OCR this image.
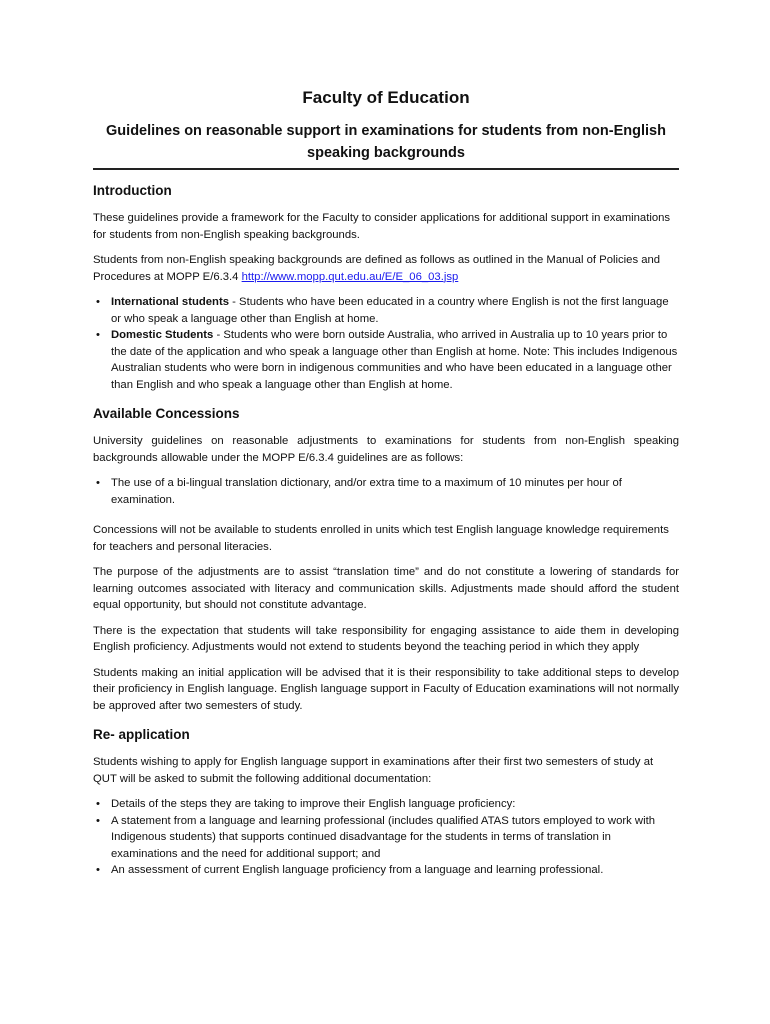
Faculty of Education
Guidelines on reasonable support in examinations for students from non-English speaking backgrounds
Introduction

These guidelines provide a framework for the Faculty to consider applications for additional support in examinations for students from non-English speaking backgrounds.

Students from non-English speaking backgrounds are defined as follows as outlined in the Manual of Policies and Procedures at MOPP E/6.3.4 http://www.mopp.qut.edu.au/E/E_06_03.jsp

• International students - Students who have been educated in a country where English is not the first language or who speak a language other than English at home.
• Domestic Students - Students who were born outside Australia, who arrived in Australia up to 10 years prior to the date of the application and who speak a language other than English at home. Note: This includes Indigenous Australian students who were born in indigenous communities and who have been educated in a language other than English and who speak a language other than English at home.
Available Concessions

University guidelines on reasonable adjustments to examinations for students from non-English speaking backgrounds allowable under the MOPP E/6.3.4 guidelines are as follows:

• The use of a bi-lingual translation dictionary, and/or extra time to a maximum of 10 minutes per hour of examination.

Concessions will not be available to students enrolled in units which test English language knowledge requirements for teachers and personal literacies.

The purpose of the adjustments are to assist “translation time” and do not constitute a lowering of standards for learning outcomes associated with literacy and communication skills. Adjustments made should afford the student equal opportunity, but should not constitute advantage.

There is the expectation that students will take responsibility for engaging assistance to aide them in developing English proficiency. Adjustments would not extend to students beyond the teaching period in which they apply

Students making an initial application will be advised that it is their responsibility to take additional steps to develop their proficiency in English language. English language support in Faculty of Education examinations will not normally be approved after two semesters of study.

Re- application

Students wishing to apply for English language support in examinations after their first two semesters of study at QUT will be asked to submit the following additional documentation:

• Details of the steps they are taking to improve their English language proficiency:
• A statement from a language and learning professional (includes qualified ATAS tutors employed to work with Indigenous students) that supports continued disadvantage for the students in terms of translation in examinations and the need for additional support; and
• An assessment of current English language proficiency from a language and learning professional.
